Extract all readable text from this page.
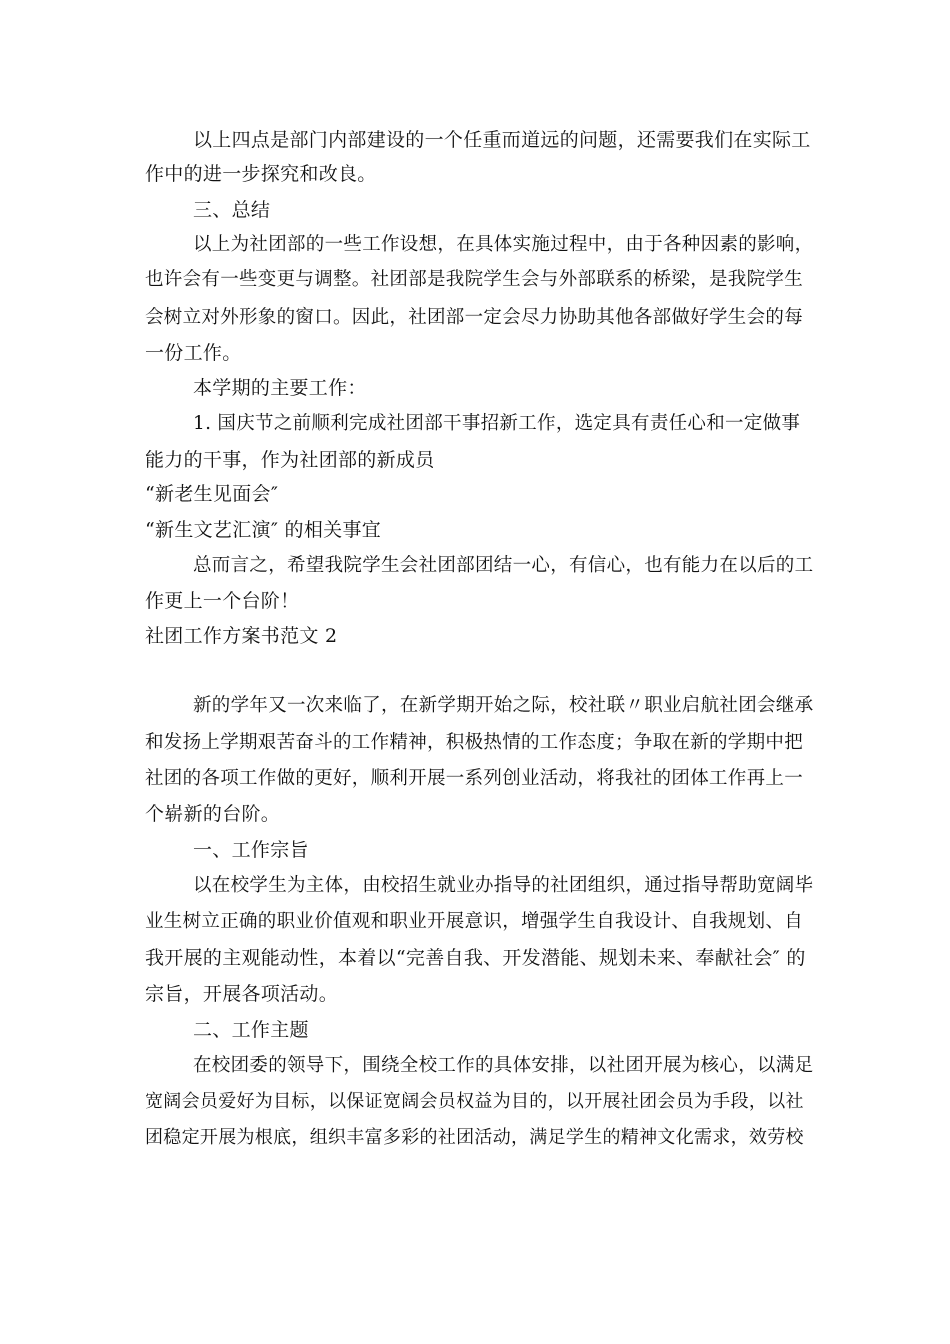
以上四点是部门内部建设的一个任重而道远的问题，还需要我们在实际工
作中的进一步探究和改良。
三、总结
以上为社团部的一些工作设想，在具体实施过程中，由于各种因素的影响，
也许会有一些变更与调整。社团部是我院学生会与外部联系的桥梁，是我院学生
会树立对外形象的窗口。因此，社团部一定会尽力协助其他各部做好学生会的每
一份工作。
本学期的主要工作：
1. 国庆节之前顺利完成社团部干事招新工作，选定具有责任心和一定做事
能力的干事，作为社团部的新成员
“新老生见面会″
“新生文艺汇演″ 的相关事宜
总而言之，希望我院学生会社团部团结一心，有信心，也有能力在以后的工
作更上一个台阶！
社团工作方案书范文 2
新的学年又一次来临了，在新学期开始之际，校社联〃职业启航社团会继承
和发扬上学期艰苦奋斗的工作精神，积极热情的工作态度；争取在新的学期中把
社团的各项工作做的更好，顺利开展一系列创业活动，将我社的团体工作再上一
个崭新的台阶。
一、工作宗旨
以在校学生为主体，由校招生就业办指导的社团组织，通过指导帮助宽阔毕
业生树立正确的职业价值观和职业开展意识，增强学生自我设计、自我规划、自
我开展的主观能动性，本着以“完善自我、开发潜能、规划未来、奉献社会″ 的
宗旨，开展各项活动。
二、工作主题
在校团委的领导下，围绕全校工作的具体安排，以社团开展为核心，以满足
宽阔会员爱好为目标，以保证宽阔会员权益为目的，以开展社团会员为手段，以社
团稳定开展为根底，组织丰富多彩的社团活动，满足学生的精神文化需求，效劳校
